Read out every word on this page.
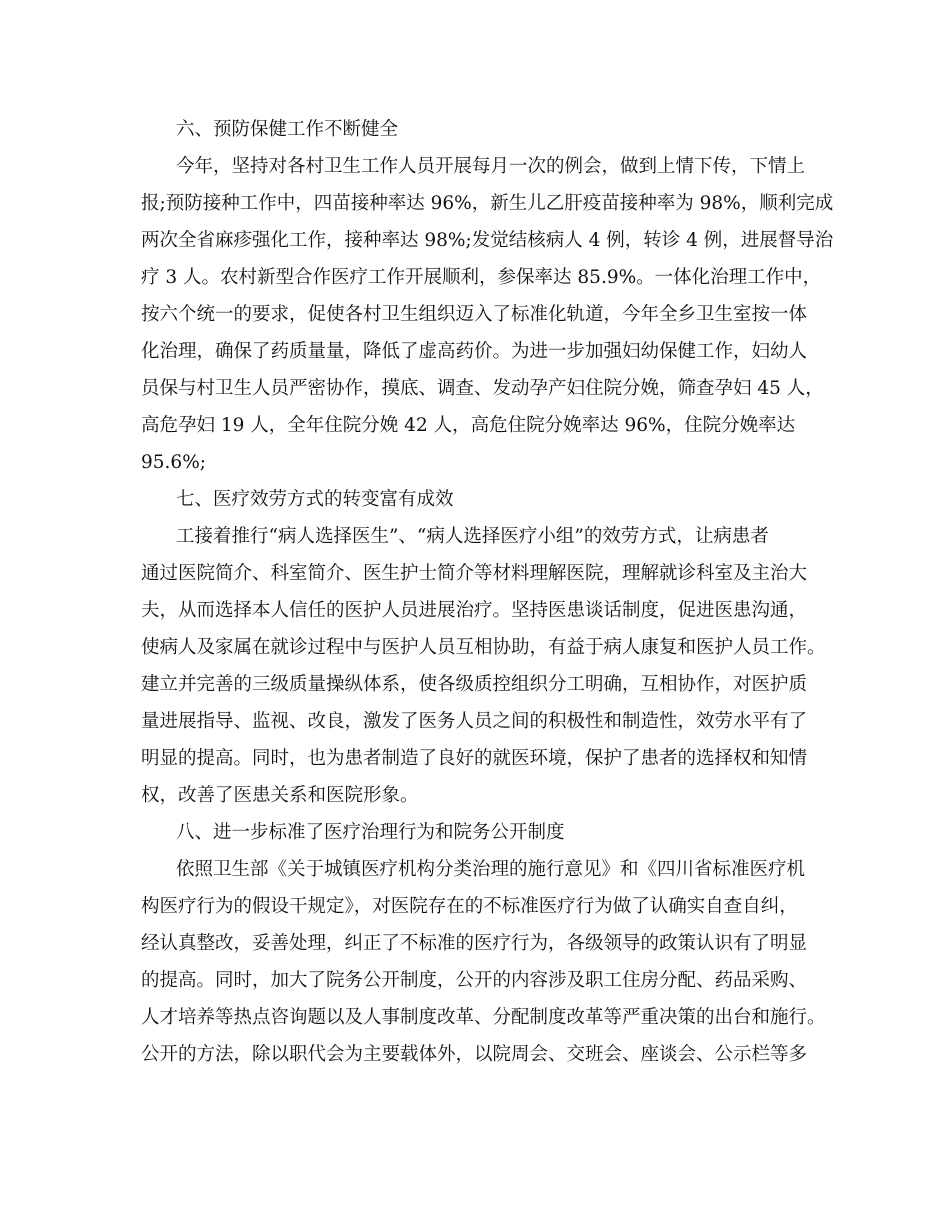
六、预防保健工作不断健全
今年，坚持对各村卫生工作人员开展每月一次的例会，做到上情下传，下情上
报;预防接种工作中，四苗接种率达 96%，新生儿乙肝疫苗接种率为 98%，顺利完成
两次全省麻疹强化工作，接种率达 98%;发觉结核病人 4 例，转诊 4 例，进展督导治
疗 3 人。农村新型合作医疗工作开展顺利，参保率达 85.9%。一体化治理工作中，
按六个统一的要求，促使各村卫生组织迈入了标准化轨道，今年全乡卫生室按一体
化治理，确保了药质量量，降低了虚高药价。为进一步加强妇幼保健工作，妇幼人
员保与村卫生人员严密协作，摸底、调查、发动孕产妇住院分娩，筛查孕妇 45 人，
高危孕妇 19 人，全年住院分娩 42 人，高危住院分娩率达 96%，住院分娩率达
95.6%;
七、医疗效劳方式的转变富有成效
工接着推行“病人选择医生”、“病人选择医疗小组”的效劳方式，让病患者
通过医院简介、科室简介、医生护士简介等材料理解医院，理解就诊科室及主治大
夫，从而选择本人信任的医护人员进展治疗。坚持医患谈话制度，促进医患沟通，
使病人及家属在就诊过程中与医护人员互相协助，有益于病人康复和医护人员工作。
建立并完善的三级质量操纵体系，使各级质控组织分工明确，互相协作，对医护质
量进展指导、监视、改良，激发了医务人员之间的积极性和制造性，效劳水平有了
明显的提高。同时，也为患者制造了良好的就医环境，保护了患者的选择权和知情
权，改善了医患关系和医院形象。
八、进一步标准了医疗治理行为和院务公开制度
依照卫生部《关于城镇医疗机构分类治理的施行意见》和《四川省标准医疗机
构医疗行为的假设干规定》，对医院存在的不标准医疗行为做了认确实自查自纠，
经认真整改，妥善处理，纠正了不标准的医疗行为，各级领导的政策认识有了明显
的提高。同时，加大了院务公开制度，公开的内容涉及职工住房分配、药品采购、
人才培养等热点咨询题以及人事制度改革、分配制度改革等严重决策的出台和施行。
公开的方法，除以职代会为主要载体外，以院周会、交班会、座谈会、公示栏等多
